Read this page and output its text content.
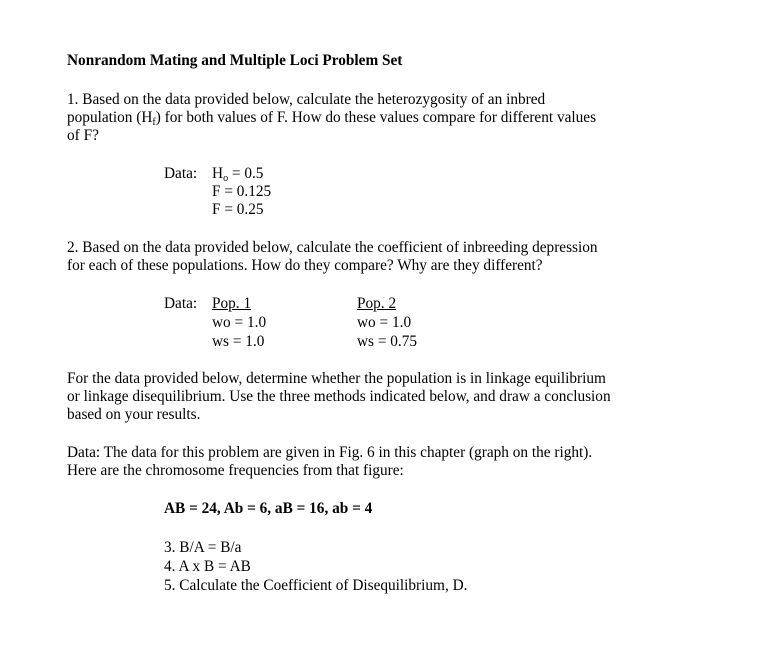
Nonrandom Mating and Multiple Loci Problem Set
1. Based on the data provided below, calculate the heterozygosity of an inbred
population (Hf) for both values of F. How do these values compare for different values
of F?
Data: Ho = 0.5
F = 0.125
F = 0.25
2. Based on the data provided below, calculate the coefficient of inbreeding depression
for each of these populations. How do they compare? Why are they different?
Data: Pop. 1
wo = 1.0
ws = 1.0
Pop. 2
wo = 1.0
ws = 0.75
For the data provided below, determine whether the population is in linkage equilibrium
or linkage disequilibrium. Use the three methods indicated below, and draw a conclusion
based on your results.
Data: The data for this problem are given in Fig. 6 in this chapter (graph on the right).
Here are the chromosome frequencies from that figure:
AB = 24, Ab = 6, aB = 16, ab = 4
3. B/A = B/a
4. A x B = AB
5. Calculate the Coefficient of Disequilibrium, D.
